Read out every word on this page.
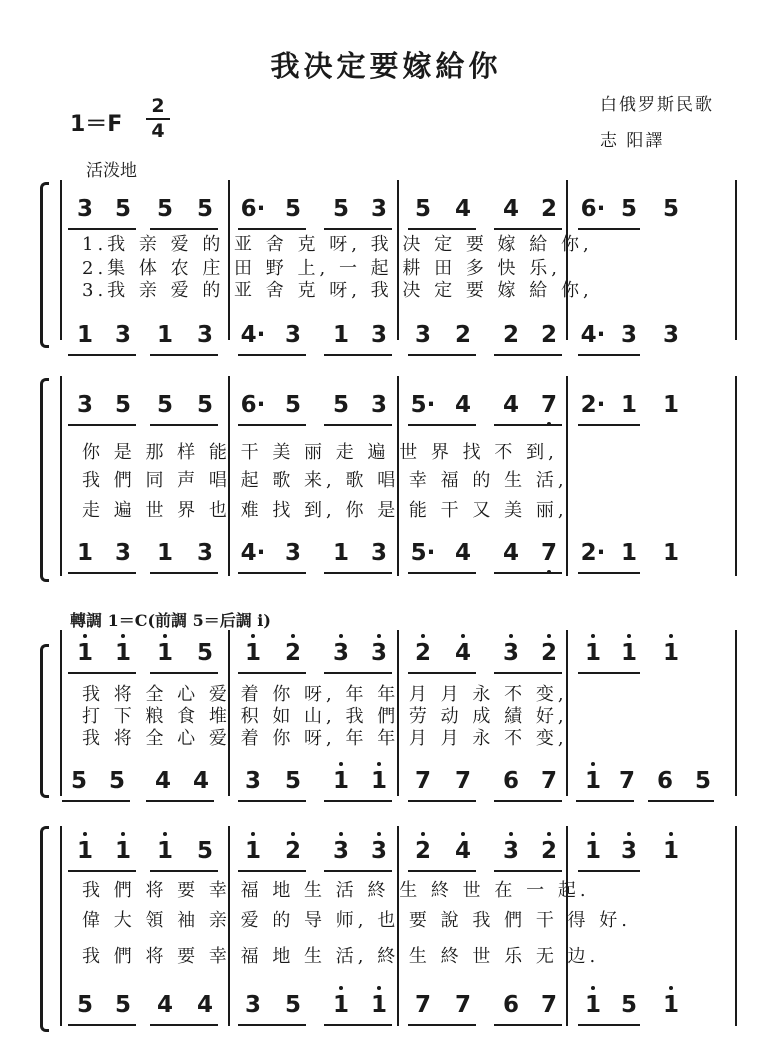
我决定要嫁給你
1＝F
2
4
白俄罗斯民歌
志 阳譯
活泼地
轉調 1＝C(前調 5＝后調 i)
3 5 5 5 6· 5 5 3 5 4 4 2 6· 5 5
1.我 亲 爱 的 亚 舍 克 呀, 我 决 定 要 嫁 給 你,
2.集 体 农 庄 田 野 上, 一 起 耕 田 多 快 乐,
3.我 亲 爱 的 亚 舍 克 呀, 我 决 定 要 嫁 給 你,
1 3 1 3 4· 3 1 3 3 2 2 2 4· 3 3
3 5 5 5 6· 5 5 3 5· 4 4 7 2· 1 1
你 是 那 样 能 干 美 丽 走 遍 世 界 找 不 到,
我 們 同 声 唱 起 歌 来, 歌 唱 幸 福 的 生 活,
走 遍 世 界 也 难 找 到, 你 是 能 干 又 美 丽,
1 3 1 3 4· 3 1 3 5· 4 4 7 2· 1 1
1 1 1 5 1 2 3 3 2 4 3 2 1 1 1
我 将 全 心 爱 着 你 呀, 年 年 月 月 永 不 变,
打 下 粮 食 堆 积 如 山, 我 們 劳 动 成 績 好,
我 将 全 心 爱 着 你 呀, 年 年 月 月 永 不 变,
5 5 4 4 3 5 1 1 7 7 6 7 1 7 6 5
1 1 1 5 1 2 3 3 2 4 3 2 1 3 1
我 們 将 要 幸 福 地 生 活 終 生 終 世 在 一 起.
偉 大 領 袖 亲 爱 的 导 师, 也 要 說 我 們 干 得 好.
我 們 将 要 幸 福 地 生 活, 終 生 終 世 乐 无 边.
5 5 4 4 3 5 1 1 7 7 6 7 1 5 1
